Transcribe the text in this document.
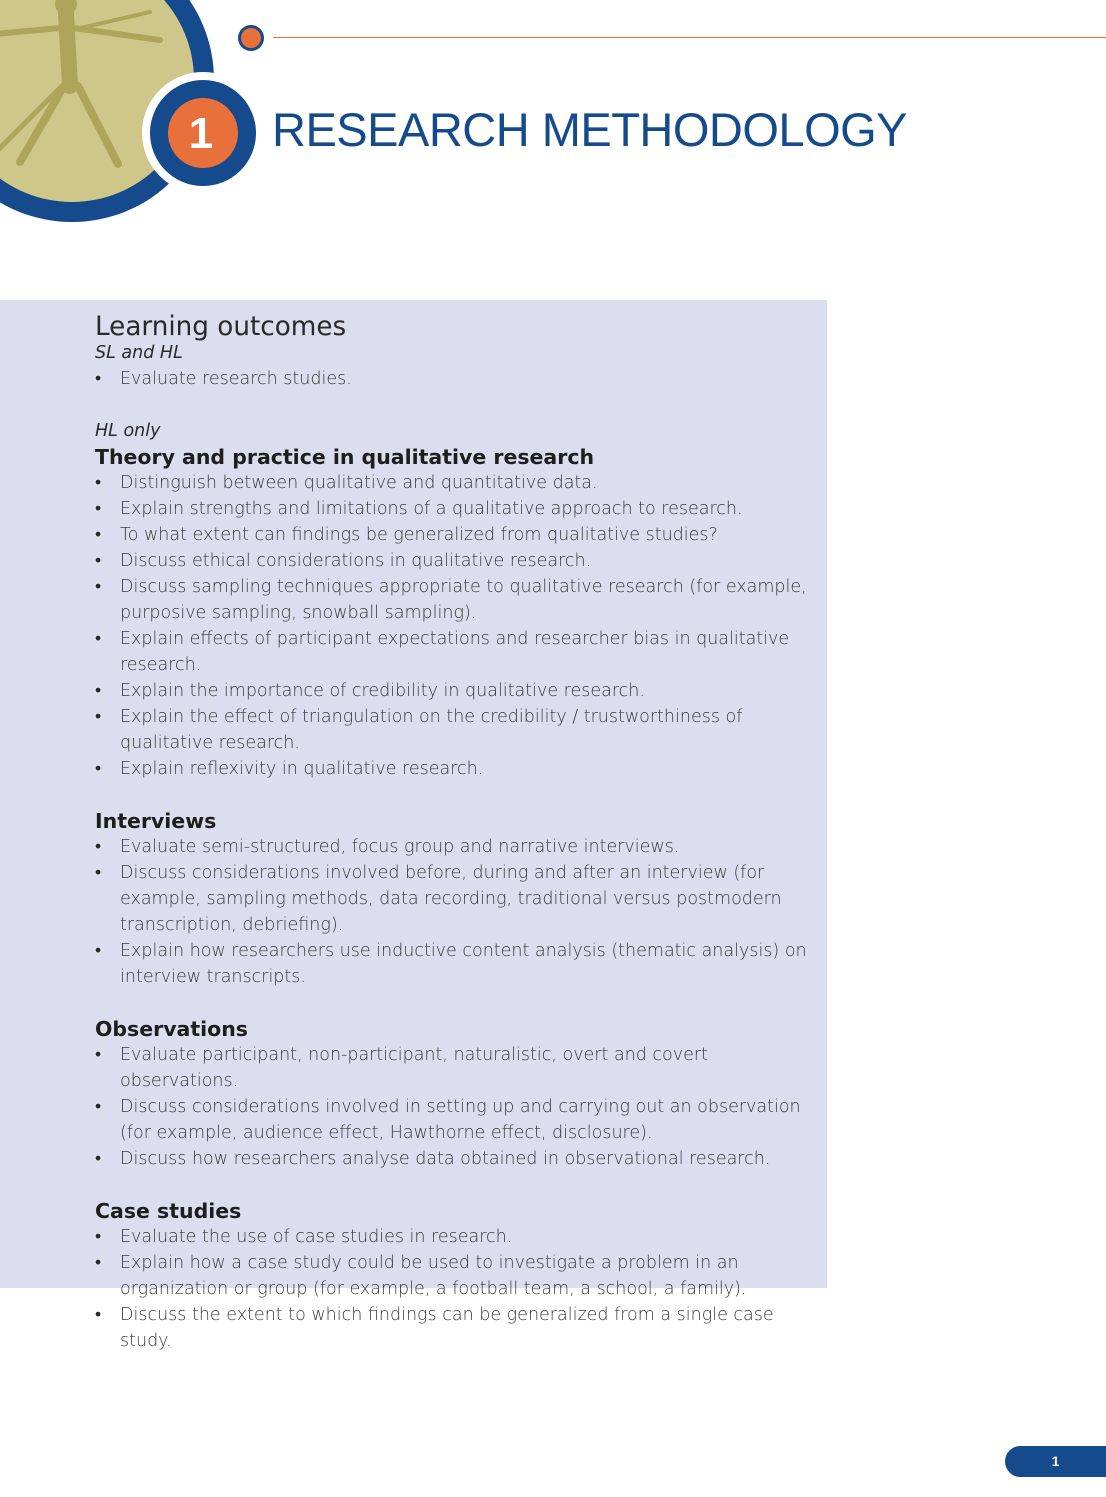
1 RESEARCH METHODOLOGY
Learning outcomes
SL and HL
• Evaluate research studies.
HL only
Theory and practice in qualitative research
• Distinguish between qualitative and quantitative data.
• Explain strengths and limitations of a qualitative approach to research.
• To what extent can findings be generalized from qualitative studies?
• Discuss ethical considerations in qualitative research.
• Discuss sampling techniques appropriate to qualitative research (for example, purposive sampling, snowball sampling).
• Explain effects of participant expectations and researcher bias in qualitative research.
• Explain the importance of credibility in qualitative research.
• Explain the effect of triangulation on the credibility / trustworthiness of qualitative research.
• Explain reflexivity in qualitative research.
Interviews
• Evaluate semi-structured, focus group and narrative interviews.
• Discuss considerations involved before, during and after an interview (for example, sampling methods, data recording, traditional versus postmodern transcription, debriefing).
• Explain how researchers use inductive content analysis (thematic analysis) on interview transcripts.
Observations
• Evaluate participant, non-participant, naturalistic, overt and covert observations.
• Discuss considerations involved in setting up and carrying out an observation (for example, audience effect, Hawthorne effect, disclosure).
• Discuss how researchers analyse data obtained in observational research.
Case studies
• Evaluate the use of case studies in research.
• Explain how a case study could be used to investigate a problem in an organization or group (for example, a football team, a school, a family).
• Discuss the extent to which findings can be generalized from a single case study.
1
